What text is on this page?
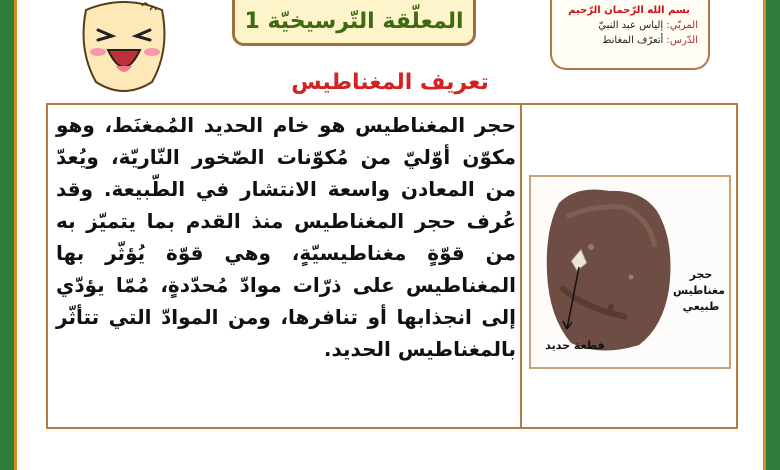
المعلّقة التّرسيخيّة 1	بسم الله الرّحمان الرّحيم
المربّي: إلياس عبد النبيّ
الدّرس: أتعرّف المغانط
تعريف المغناطيس

حجر المغناطيس هو خام الحديد المُمغنَط، وهو مكوّن أوّليّ من مُكوّنات الصّخور النّاريّة، ويُعدّ من المعادن واسعة الانتشار في الطّبيعة. وقد عُرف حجر المغناطيس منذ القدم بما يتميّز به من قوّةٍ مغناطيسيّةٍ، وهي قوّة يُؤثّر بها المغناطيس على ذرّات موادّ مُحدّدةٍ، مُمّا يؤدّي إلى انجذابها أو تنافرها، ومن الموادّ التي تتأثّر بالمغناطيس الحديد.

حجر مغناطيس طبيعي
قطعة حديد
